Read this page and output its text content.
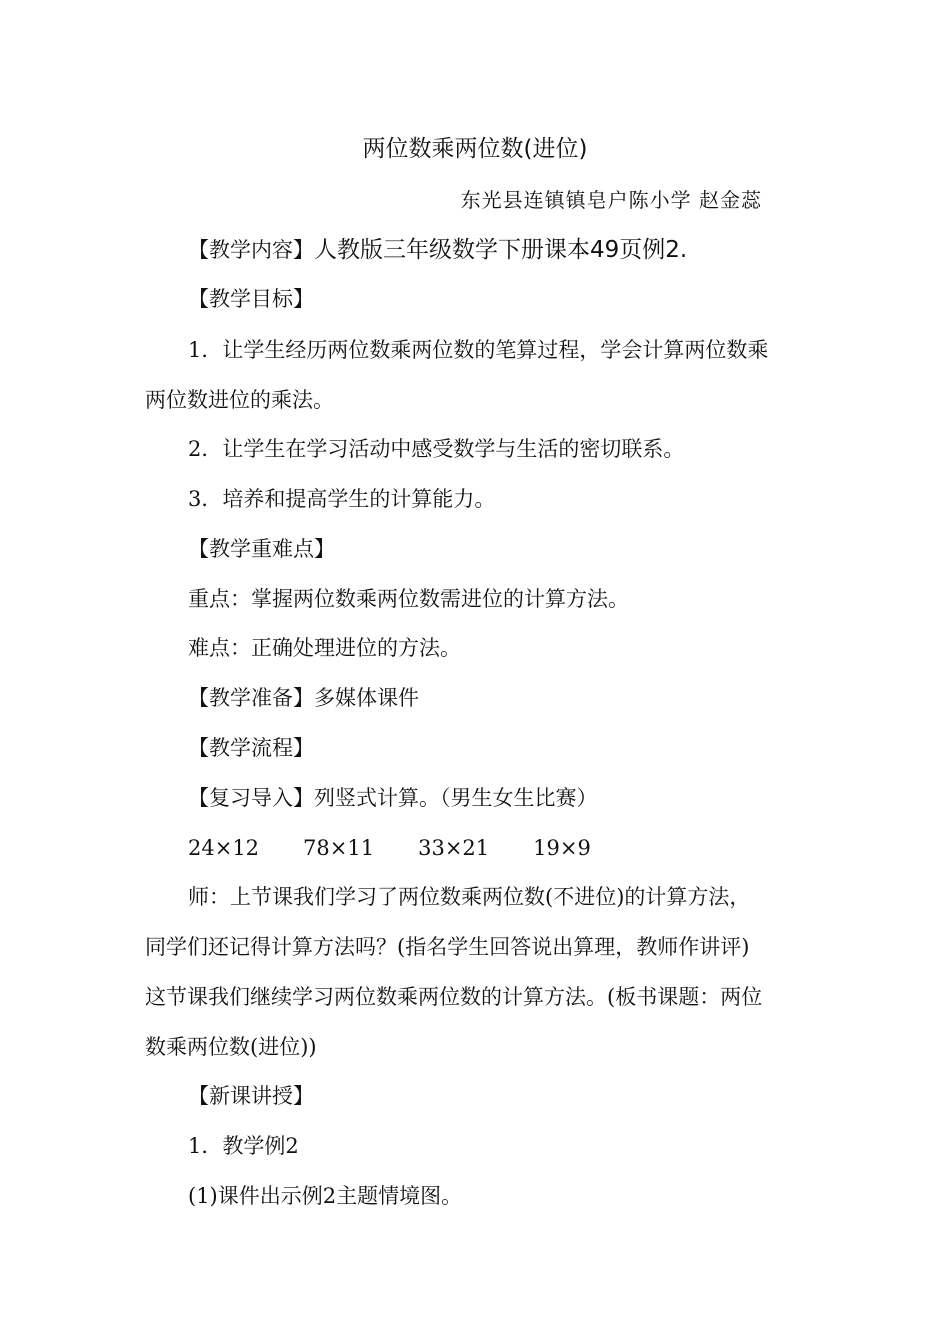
两位数乘两位数(进位)
东光县连镇镇皂户陈小学 赵金蕊
【教学内容】人教版三年级数学下册课本49页例2.
【教学目标】
1．让学生经历两位数乘两位数的笔算过程，学会计算两位数乘
两位数进位的乘法。
2．让学生在学习活动中感受数学与生活的密切联系。
3．培养和提高学生的计算能力。
【教学重难点】
重点：掌握两位数乘两位数需进位的计算方法。
难点：正确处理进位的方法。
【教学准备】多媒体课件
【教学流程】
【复习导入】列竖式计算。（男生女生比赛）
24×12 78×11 33×21 19×9
师：上节课我们学习了两位数乘两位数(不进位)的计算方法，
同学们还记得计算方法吗？(指名学生回答说出算理，教师作讲评)
这节课我们继续学习两位数乘两位数的计算方法。(板书课题：两位
数乘两位数(进位))
【新课讲授】
1．教学例2
(1)课件出示例2主题情境图。
